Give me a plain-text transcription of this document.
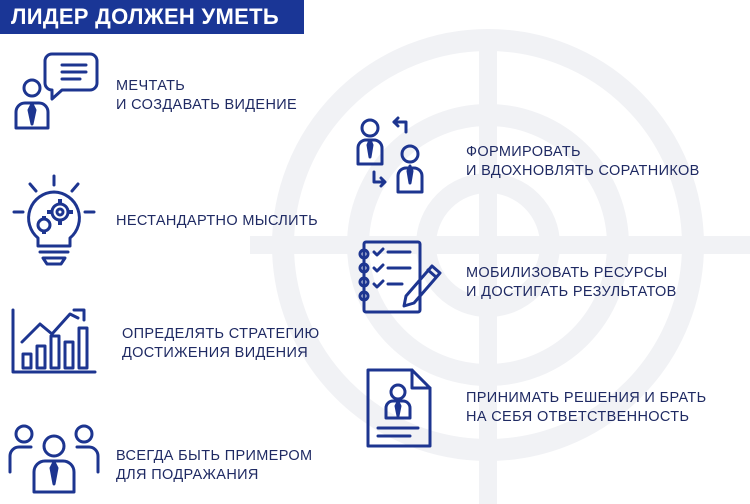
ЛИДЕР ДОЛЖЕН УМЕТЬ
МЕЧТАТЬ
И СОЗДАВАТЬ ВИДЕНИЕ
НЕСТАНДАРТНО МЫСЛИТЬ
ОПРЕДЕЛЯТЬ СТРАТЕГИЮ
ДОСТИЖЕНИЯ ВИДЕНИЯ
ВСЕГДА БЫТЬ ПРИМЕРОМ
ДЛЯ ПОДРАЖАНИЯ
ФОРМИРОВАТЬ
И ВДОХНОВЛЯТЬ СОРАТНИКОВ
МОБИЛИЗОВАТЬ РЕСУРСЫ
И ДОСТИГАТЬ РЕЗУЛЬТАТОВ
ПРИНИМАТЬ РЕШЕНИЯ И БРАТЬ
НА СЕБЯ ОТВЕТСТВЕННОСТЬ
